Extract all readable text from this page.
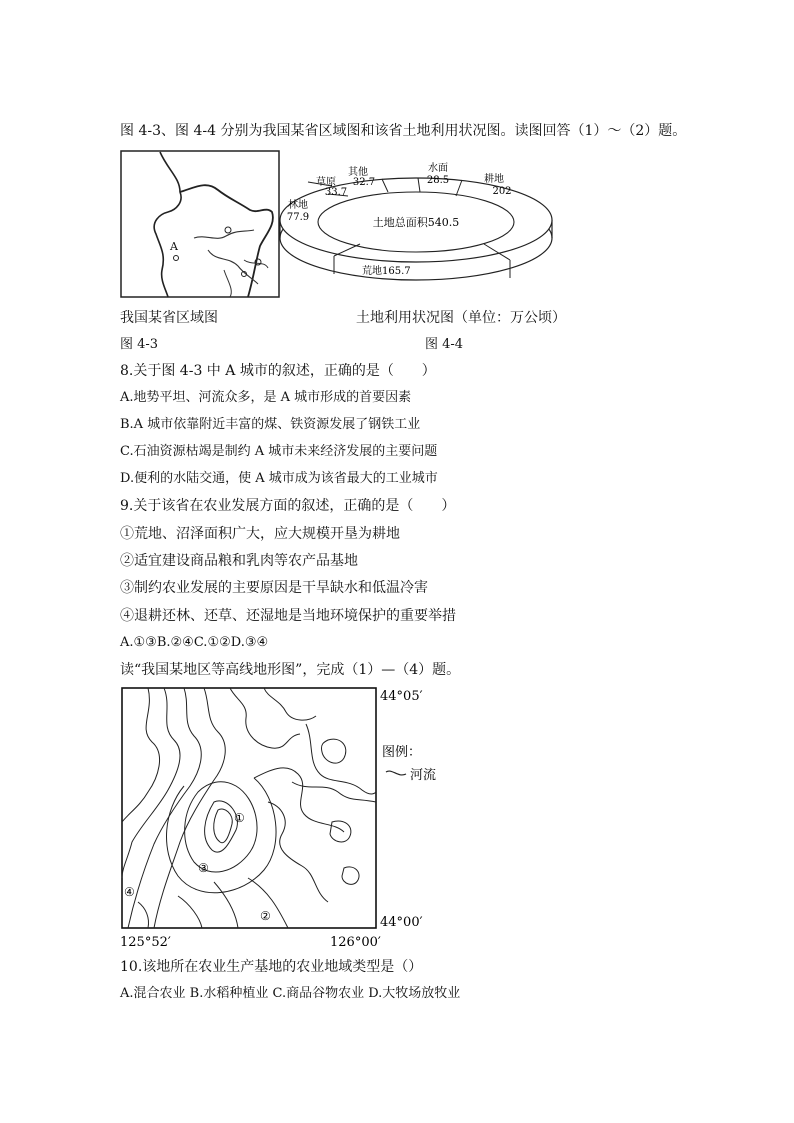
图 4-3、图 4-4 分别为我国某省区域图和该省土地利用状况图。读图回答（1）～（2）题。
A
土地总面积540.5
水面
28.5	耕地
202
荒地 165.7
林地
77.9
草原
33.7
其他
32.7
我国某省区域图	土地利用状况图（单位：万公顷）
图 4-3	图 4-4
8.关于图 4-3 中 A 城市的叙述，正确的是（　　）
A.地势平坦、河流众多，是 A 城市形成的首要因素
B.A 城市依靠附近丰富的煤、铁资源发展了钢铁工业
C.石油资源枯竭是制约 A 城市未来经济发展的主要问题
D.便利的水陆交通，使 A 城市成为该省最大的工业城市
9.关于该省在农业发展方面的叙述，正确的是（　　）
①荒地、沼泽面积广大，应大规模开垦为耕地
②适宜建设商品粮和乳肉等农产品基地
③制约农业发展的主要原因是干旱缺水和低温冷害
④退耕还林、还草、还湿地是当地环境保护的重要举措
A.①③B.②④C.①②D.③④
读“我国某地区等高线地形图”，完成（1）—（4）题。
①
②
③
④
44°05′
44°00′
125°52′	126°00′
图例：
河流
10.该地所在农业生产基地的农业地域类型是（）
A.混合农业 B.水稻种植业 C.商品谷物农业 D.大牧场放牧业
